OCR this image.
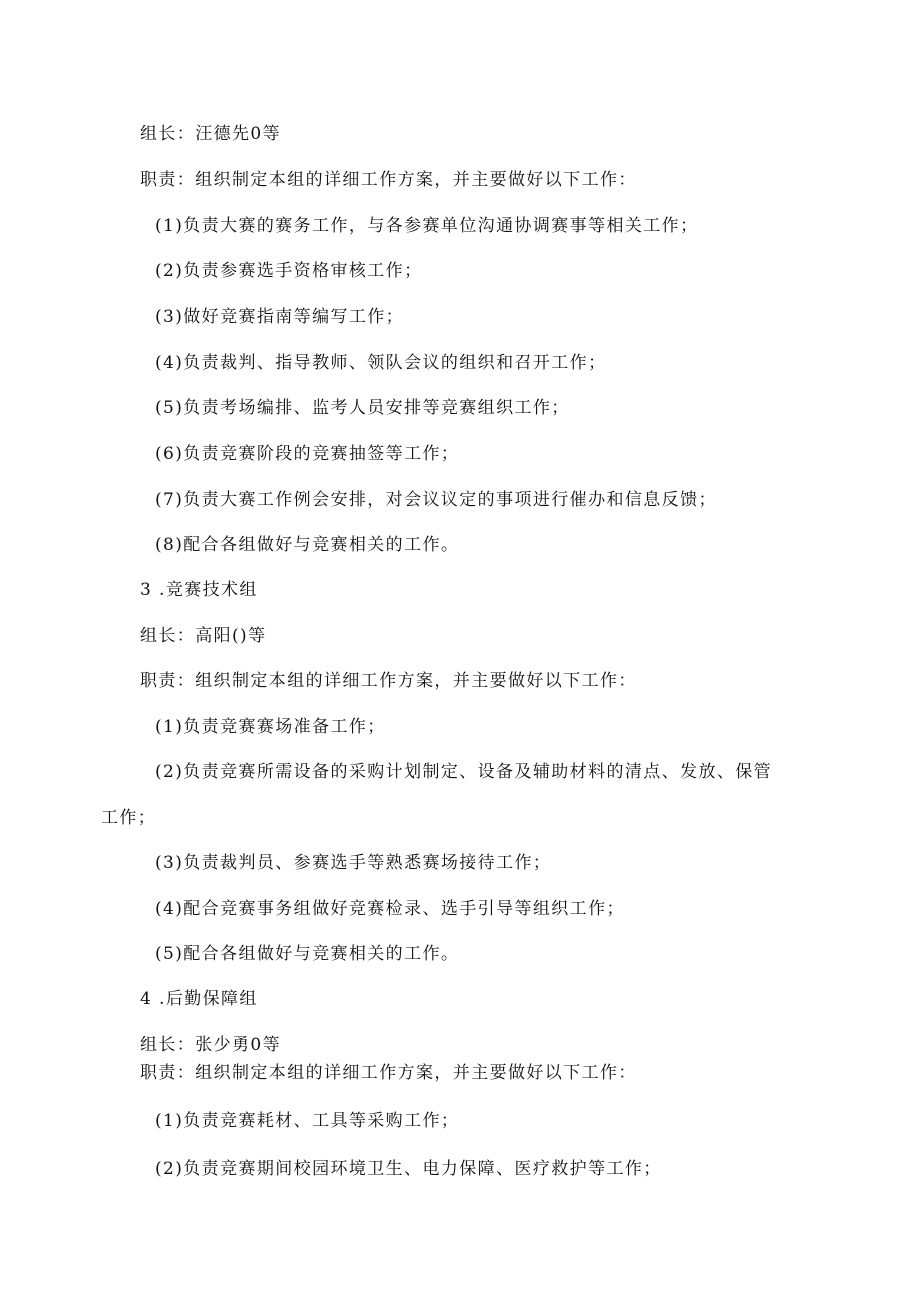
组长：汪德先0等
职责：组织制定本组的详细工作方案，并主要做好以下工作：
(1)负责大赛的赛务工作，与各参赛单位沟通协调赛事等相关工作；
(2)负责参赛选手资格审核工作；
(3)做好竞赛指南等编写工作；
(4)负责裁判、指导教师、领队会议的组织和召开工作；
(5)负责考场编排、监考人员安排等竞赛组织工作；
(6)负责竞赛阶段的竞赛抽签等工作；
(7)负责大赛工作例会安排，对会议议定的事项进行催办和信息反馈；
(8)配合各组做好与竞赛相关的工作。
3 .竞赛技术组
组长：高阳()等
职责：组织制定本组的详细工作方案，并主要做好以下工作：
(1)负责竞赛赛场准备工作；
(2)负责竞赛所需设备的采购计划制定、设备及辅助材料的清点、发放、保管
工作；
(3)负责裁判员、参赛选手等熟悉赛场接待工作；
(4)配合竞赛事务组做好竞赛检录、选手引导等组织工作；
(5)配合各组做好与竞赛相关的工作。
4 .后勤保障组
组长：张少勇0等
职责：组织制定本组的详细工作方案，并主要做好以下工作：
(1)负责竞赛耗材、工具等采购工作；
(2)负责竞赛期间校园环境卫生、电力保障、医疗救护等工作；
